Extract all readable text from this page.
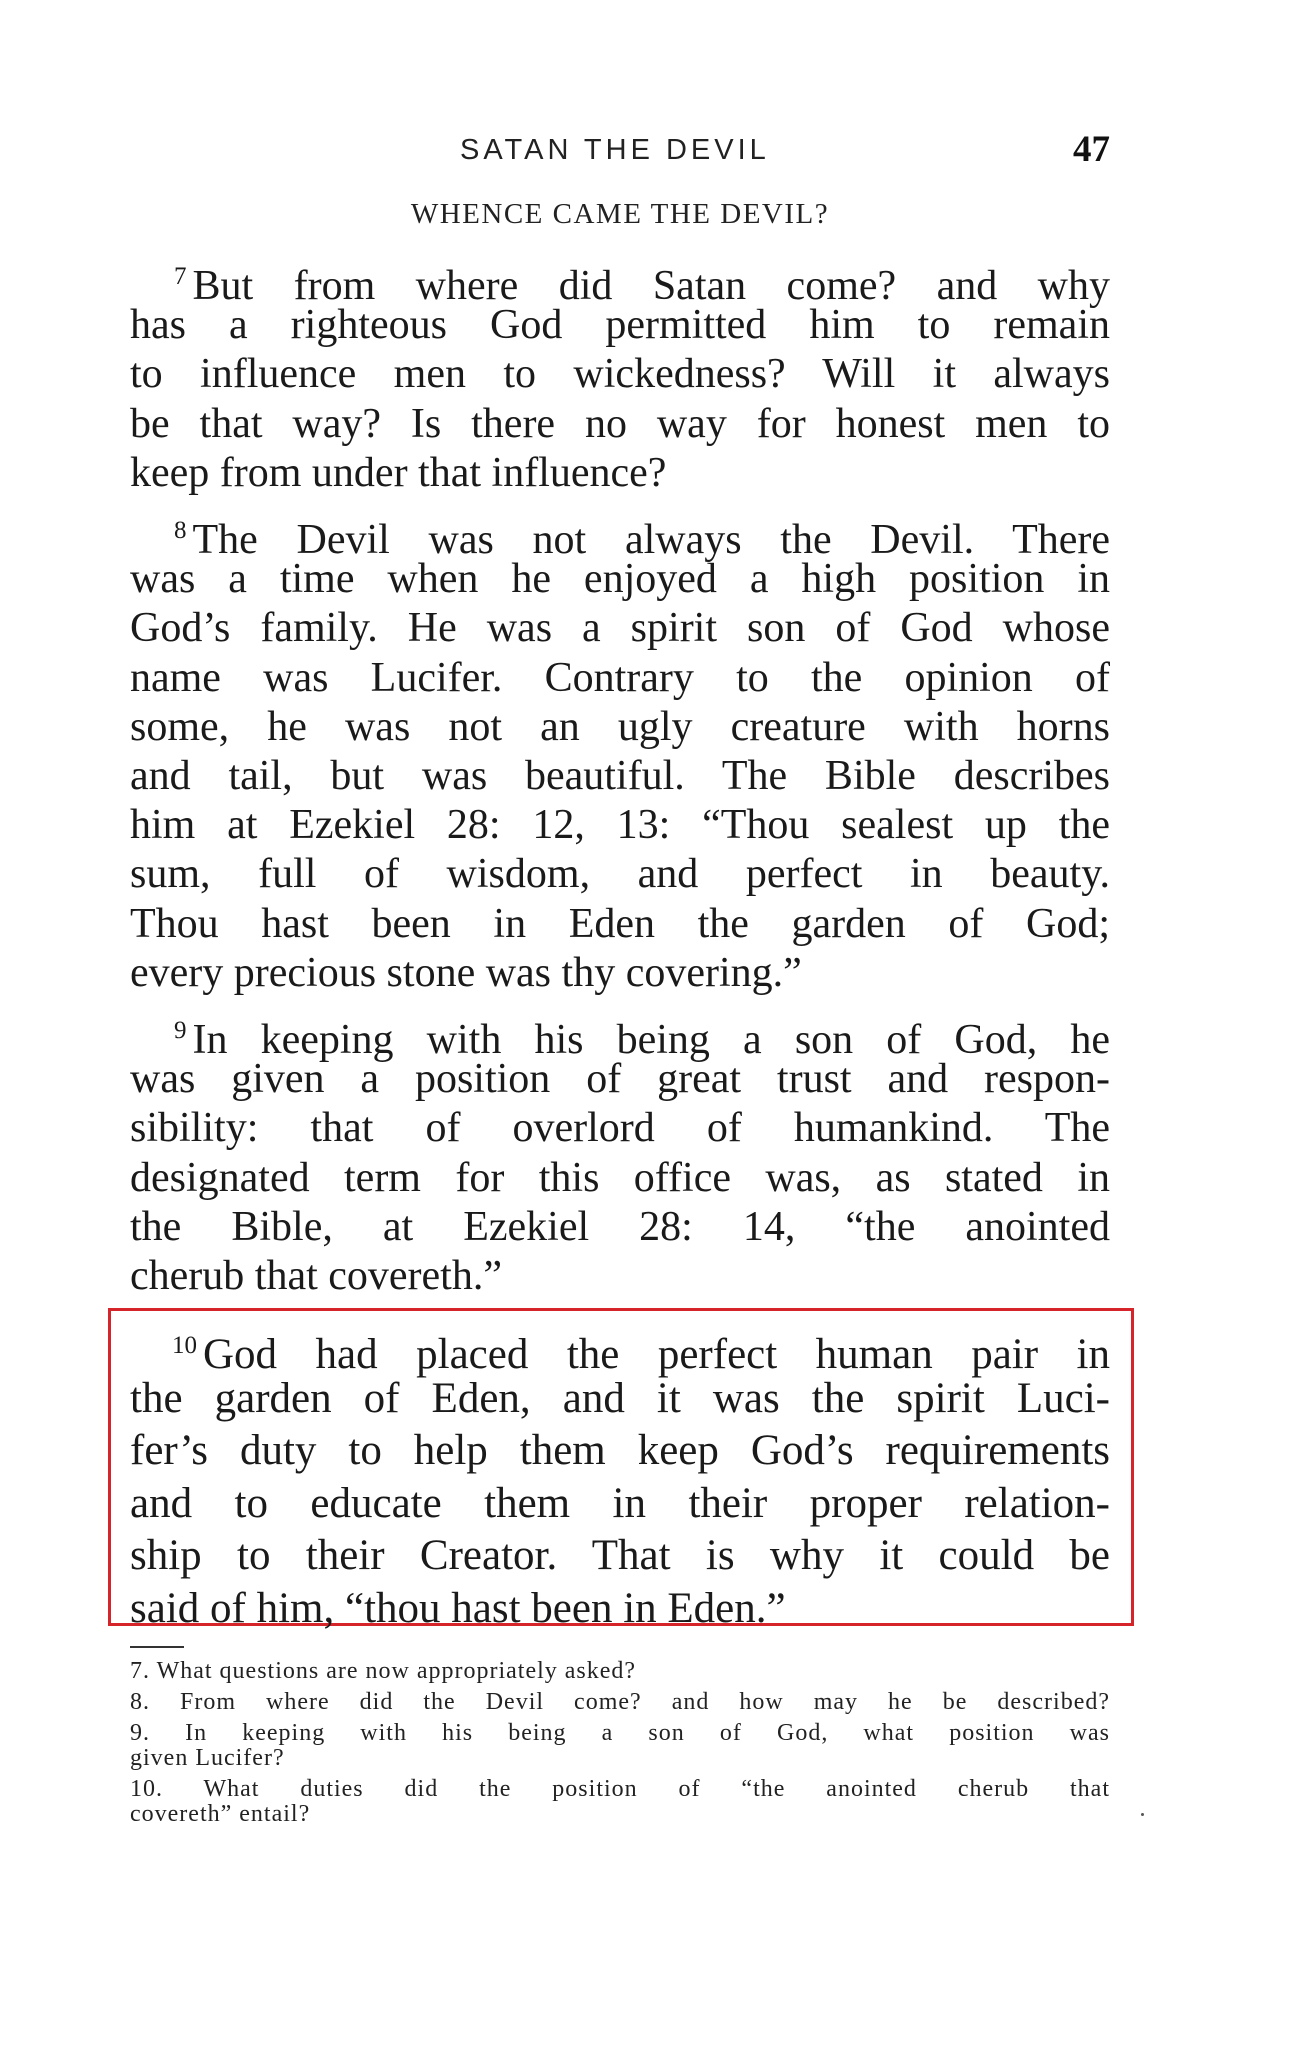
SATAN THE DEVIL	47
WHENCE CAME THE DEVIL?
$^7$ But from where did Satan come? and why
has a righteous God permitted him to remain
to influence men to wickedness? Will it always
be that way? Is there no way for honest men to
keep from under that influence?
$^8$ The Devil was not always the Devil. There
was a time when he enjoyed a high position in
God’s family. He was a spirit son of God whose
name was Lucifer. Contrary to the opinion of
some, he was not an ugly creature with horns
and tail, but was beautiful. The Bible describes
him at Ezekiel 28: 12, 13: “Thou sealest up the
sum, full of wisdom, and perfect in beauty.
Thou hast been in Eden the garden of God;
every precious stone was thy covering.”
$^9$ In keeping with his being a son of God, he
was given a position of great trust and respon-
sibility: that of overlord of humankind. The
designated term for this office was, as stated in
the Bible, at Ezekiel 28: 14, “the anointed
cherub that covereth.”
$^{10}$ God had placed the perfect human pair in
the garden of Eden, and it was the spirit Luci-
fer’s duty to help them keep God’s requirements
and to educate them in their proper relation-
ship to their Creator. That is why it could be
said of him, “thou hast been in Eden.”
7. What questions are now appropriately asked?
8. From where did the Devil come? and how may he be described?
9. In keeping with his being a son of God, what position was
given Lucifer?
10. What duties did the position of “the anointed cherub that
covereth” entail?
